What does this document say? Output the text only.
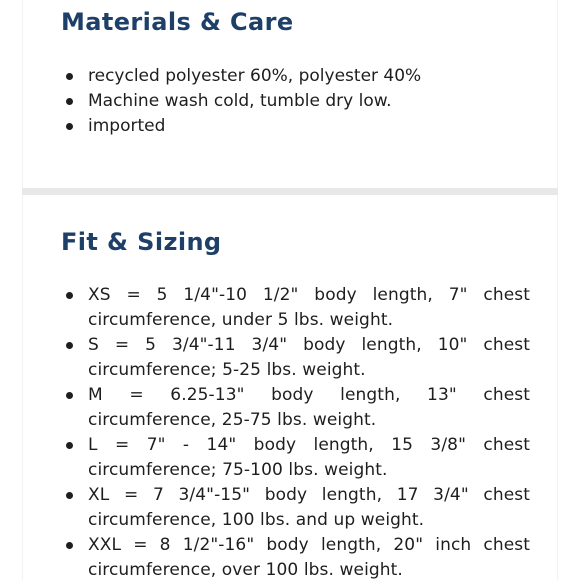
Materials & Care
recycled polyester 60%, polyester 40%
Machine wash cold, tumble dry low.
imported
Fit & Sizing
XS = 5 1/4"-10 1/2" body length, 7" chest circumference, under 5 lbs. weight.
S = 5 3/4"-11 3/4" body length, 10" chest circumference; 5-25 lbs. weight.
M = 6.25-13" body length, 13" chest circumference, 25-75 lbs. weight.
L = 7" - 14" body length, 15 3/8" chest circumference; 75-100 lbs. weight.
XL = 7 3/4"-15" body length, 17 3/4" chest circumference, 100 lbs. and up weight.
XXL = 8 1/2"-16" body length, 20" inch chest circumference, over 100 lbs. weight.
